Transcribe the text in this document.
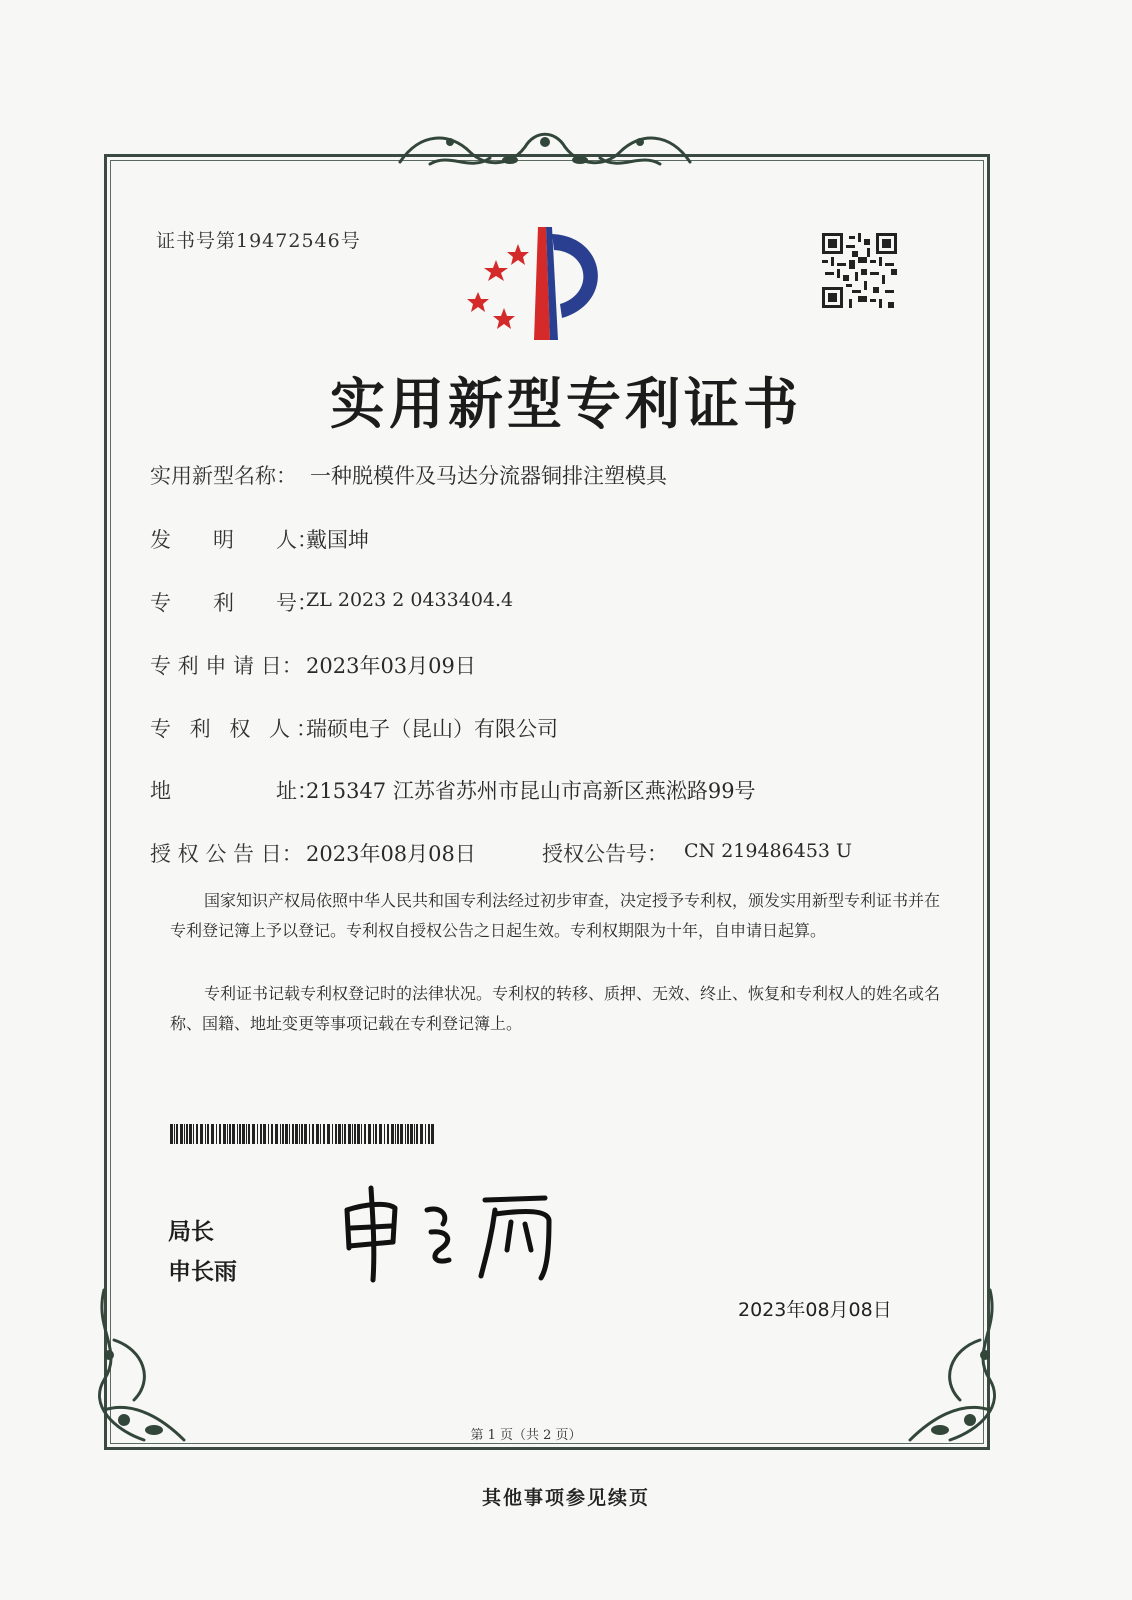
证书号第19472546号
实用新型专利证书
实用新型名称： 一种脱模件及马达分流器铜排注塑模具
发　　明　　人：
戴国坤
专　　利　　号：
ZL 2023 2 0433404.4
专 利 申 请 日： 2023年03月09日
专 利 权 人：
瑞硕电子（昆山）有限公司
地　　　　　址：
215347 江苏省苏州市昆山市高新区燕淞路99号
授 权 公 告 日： 2023年08月08日	授权公告号： CN 219486453 U
国家知识产权局依照中华人民共和国专利法经过初步审查，决定授予专利权，颁发实用新型专利证书并在专利登记簿上予以登记。专利权自授权公告之日起生效。专利权期限为十年，自申请日起算。
专利证书记载专利权登记时的法律状况。专利权的转移、质押、无效、终止、恢复和专利权人的姓名或名称、国籍、地址变更等事项记载在专利登记簿上。
局长
申长雨
2023年08月08日
第 1 页（共 2 页）
其他事项参见续页
